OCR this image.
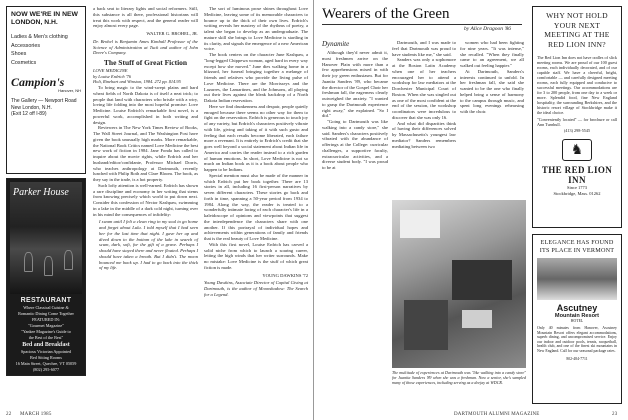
NOW WE'RE IN NEW LONDON, N.H.
Ladies & Men's clothing
Accessories
Shoes
Cosmetics
Campion's
Hanover, NH
The Gallery — Newport Road
New London, N.H.
(Exit 12 off I-89)
Parker House
RESTAURANT
Where Classical Cuisine &
Romantic Dining Come Together
FEATURED IN:
"Gourmet Magazine"
"Yankee Magazine's Guide to
the Best of the Best"
Bed and Breakfast
Spacious Victorian Appointed
Bed Sitting Rooms
16 Main Street, Quechee, VT 05059
(802) 295-6077

a back seat to literary lights and social reformers. Still, this substance is all there, professional historians will treat this work with respect, and the general reader will enjoy almost every page.

WALTER G. BROHEL, JR.

Dr. Brohel is Benjamin Ames Kimball Professor of the Science of Administration at Tuck and author of John Deere's Company.

The Stuff of Great Fiction
LOVE MEDICINE
by Louise Erdrich '76
Holt, Rinehart and Winston, 1984. 272 pp. $14.95

To bring magic to the wind-swept plains and hard wheat fields of North Dakota is of itself a neat trick; to people that land with characters who bristle with a wiry, loving life folding into the most hopeful promise: Love Medicine. Louise Erdrich's remarkable first novel, is a powerful work, accomplished in both writing and design.

Reviewers in The New York Times Review of Books, The Wall Street Journal, and The Washington Post have given the book unusually high marks. More remarkable, the National Book Critics named Love Medicine the best new work of fiction in 1984. Jane Fonda has called to inquire about the movie rights, while Erdrich and her husband/editor/confidante, Professor Michael Dorris, who teaches anthropology at Dartmouth, recently lunched with Philip Roth and Clare Bloom. The book, as they say in the trade, is a hot property.

Such lofty attention is well-earned. Erdrich has shown a rare discipline and economy in her writing that stems from knowing precisely which world to put down next. Consider this confession of Nector Kashpaw, swimming in a lake in the middle of a dark cold night, turning over in his mind the consequences of infidelity:

I swam until I felt a clean ring in my soul to go home and forget about Lulu. I told myself that I had seen her for the last time that night. I gave her up and dived down to the bottom of the lake in search of scum, dark, soft, for the gift of a grave. Perhaps I should have stayed there and never floated. Perhaps I should have taken a breath. But I didn't. The moon bounced me back up. I had to go back into the thick of my life.

The sort of luminous prose shines throughout Love Medicine, leaving some of its memorable characters to bounce up to the thick of their own lives. Erdrich's writing reveals her mastery of the rhythms of poetry, a talent she began to develop as an undergraduate. The mature skill she brings to Love Medicine is startling in its clarity, and signals the emergence of a new American voice.

The book centers on the character June Kashpaw, a "long-legged Chippewa woman, aged hard in every way except how she moved." June dies walking home in a blizzard, her funeral bringing together a melange of friends and relatives who provide the living pulse of Love Medicine. There are the Morrisseys and the Lazarres, the Lamartines, and the Johnsons, all playing out their lives against the bleak backdrop of a North Dakota Indian reservation.

Here we find drunkenness and despair, people quietly enraged because there seems no other way for them to fight on the reservation. Erdrich is generous to touch joy of any variety, but Erdrich's characters positively vibrate with life, giving and taking of it with such gusto and feeling that each results become liberated, each failure more a revenant. It is entirely to Erdrich's credit that she goes well beyond a social statement about Indian life in America and carries the reader instead to a rich garden of human emotions. In short, Love Medicine is not so much an Indian book as it is a book about people who happen to be Indians.

Special mention must also be made of the manner in which Erdrich put her book together. There are 13 stories in all, including 16 first-person narratives by seven different characters. These stories go back and forth in time, spanning a 50-year period from 1934 to 1984. Along the way, the reader is treated to a wonderfully intimate lacing of each character's life in a kaleidoscope of opinions and viewpoints that suggest the interdependence the characters share with one another. If this portrayal of individual hopes and achievements within generations of family and friends that is the real beauty of Love Medicine.

With this first novel, Louise Erdrich has carved a solid niche from which to launch a soaring career, letting the high winds that her writer surrounds. Make no mistake: Love Medicine is the stuff of which great fiction is made.

YOUNG DAWKINS '72

Young Dawkins, Associate Director of Capital Giving at Dartmouth, is the author of Moonshadow: The Search for a Legend.

22 MARCH 1985
Wearers of the Green
by Alice Dragoon '86
Dynamite

Although they'd never admit it, most freshmen arrive on the Hanover Plain with more than a few apprehensions mixed in with their joy green enthusiasm. But for Juanita Sanders '89, who became the director of the Gospel Choir her freshman fall, the eagerness clearly outweighed the anxiety. "I wanted to grasp the Dartmouth experience right away," she explained. "So I did."

"Going to Dartmouth was like walking into a candy store," she said. Sanders's characters positively vibrated with the abundance of offerings at the College: curricular challenges, a supportive faculty, extracurricular activities, and a diverse student body. "I was proud to be at

Dartmouth, and I was made to feel that Dartmouth was proud to have students like me," she said.

Sanders was only a sophomore at the Boston Latin Academy when one of her teachers encouraged her to attend a workshop for law mediators at the Dorchester Municipal Court of Boston. When she was singled out as one of the most confident at the end of the session, the workshop coordinators were incredulous to discover that she was only 16.

And what did disparities think of having their differences solved by Massachusetts's youngest law mediator? Sanders remembers mediating between two

women who had been fighting for nine years. "It was intense," she recalled. "When they finally came to an agreement, we all walked out feeling happier."

At Dartmouth, Sanders's interests continued to unfold. In her freshman fall, she said she wanted to be the one who finally helped bring a sense of harmony to the campus through music, and spent long evenings rehearsing with the choir.

The multitude of experiences at Dartmouth was "like walking into a candy store" for Juanita Sanders '89 when she was a freshman. Now a senior, she's sampled many of those experiences, including serving as a deejay at WDCR.
WHY NOT HOLD YOUR NEXT MEETING AT THE RED LION INN?
The Red Lion Inn does not have oodles of slick meeting rooms. We are proud of our 100 guest rooms, each individually decorated, and of our capable staff. We have a cheerful, bright, comfortable — and carefully designed meeting rooms, each fully equipped and conducive to successful meetings. Our accommodations are for 3 to 200 people, from one day to a week or more. Splendid food, fine New England hospitality, the surrounding Berkshires, and the historic resort village of Stockbridge make it the ideal choice.
"Conveniently located" — for brochure or call Ann Turnbull.
(413) 298-5545
♞
THE RED LION INN
Since 1773
Stockbridge, Mass. 01262
ELEGANCE HAS FOUND ITS PLACE IN VERMONT
Ascutney
Mountain Resort
HOTEL
Only 40 minutes from Hanover, Ascutney Mountain Resort offers elegant accommodations, superb dining, and uncompromised service. Enjoy our indoor and outdoor pools, tennis, racquetball, health club, and one of the finest ski mountains in New England. Call for our seasonal package rates.
802-484-7711
DARTMOUTH ALUMNI MAGAZINE	23
